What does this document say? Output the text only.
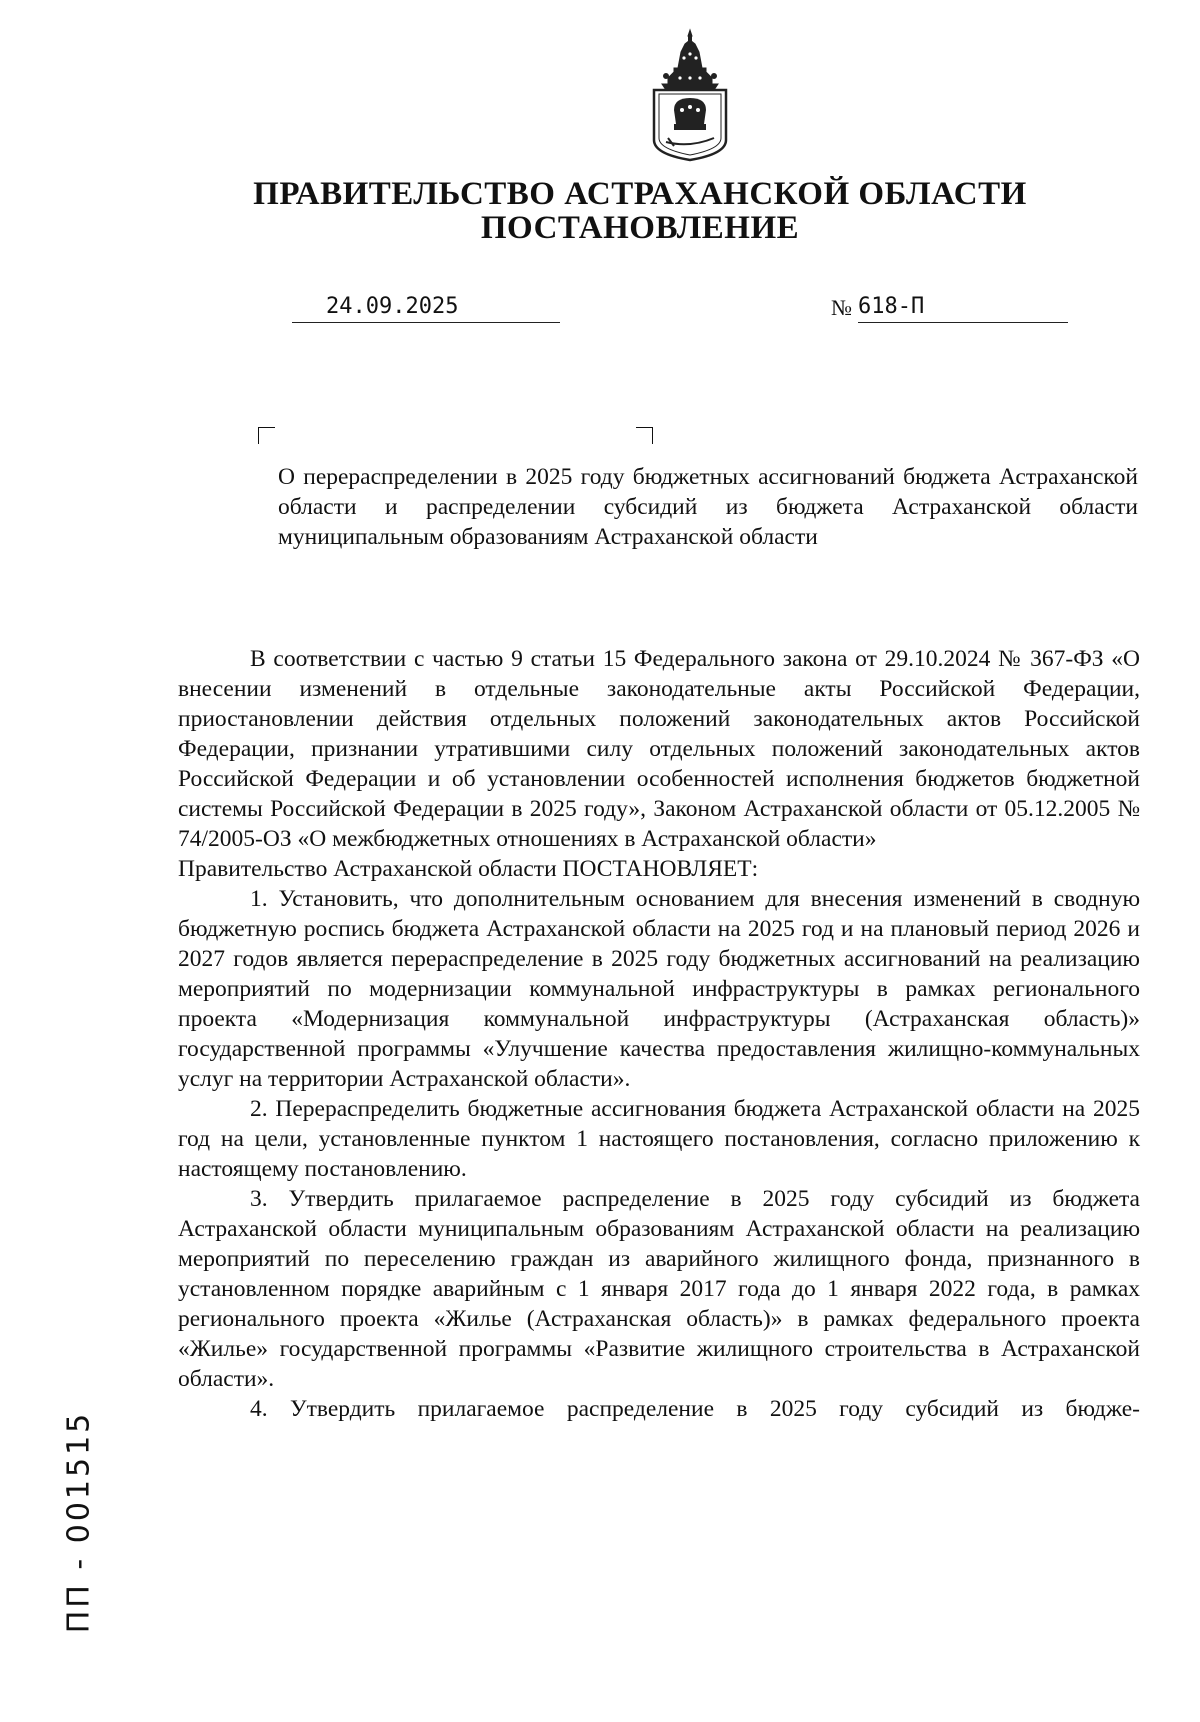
ПРАВИТЕЛЬСТВО АСТРАХАНСКОЙ ОБЛАСТИ
ПОСТАНОВЛЕНИЕ
24.09.2025	№ 618-П
О перераспределении в 2025 году бюджетных ассигнований бюджета Астраханской области и распределении субсидий из бюджета Астраханской области муниципальным образованиям Астраханской области

В соответствии с частью 9 статьи 15 Федерального закона от 29.10.2024 № 367-ФЗ «О внесении изменений в отдельные законодательные акты Российской Федерации, приостановлении действия отдельных положений законодательных актов Российской Федерации, признании утратившими силу отдельных положений законодательных актов Российской Федерации и об установлении особенностей исполнения бюджетов бюджетной системы Российской Федерации в 2025 году», Законом Астраханской области от 05.12.2005 № 74/2005-ОЗ «О межбюджетных отношениях в Астраханской области»

Правительство Астраханской области ПОСТАНОВЛЯЕТ:

1. Установить, что дополнительным основанием для внесения изменений в сводную бюджетную роспись бюджета Астраханской области на 2025 год и на плановый период 2026 и 2027 годов является перераспределение в 2025 году бюджетных ассигнований на реализацию мероприятий по модернизации коммунальной инфраструктуры в рамках регионального проекта «Модернизация коммунальной инфраструктуры (Астраханская область)» государственной программы «Улучшение качества предоставления жилищно-коммунальных услуг на территории Астраханской области».

2. Перераспределить бюджетные ассигнования бюджета Астраханской области на 2025 год на цели, установленные пунктом 1 настоящего постановления, согласно приложению к настоящему постановлению.

3. Утвердить прилагаемое распределение в 2025 году субсидий из бюджета Астраханской области муниципальным образованиям Астраханской области на реализацию мероприятий по переселению граждан из аварийного жилищного фонда, признанного в установленном порядке аварийным с 1 января 2017 года до 1 января 2022 года, в рамках регионального проекта «Жилье (Астраханская область)» в рамках федерального проекта «Жилье» государственной программы «Развитие жилищного строительства в Астраханской области».

4. Утвердить прилагаемое распределение в 2025 году субсидий из бюдже-

ПП - 001515
